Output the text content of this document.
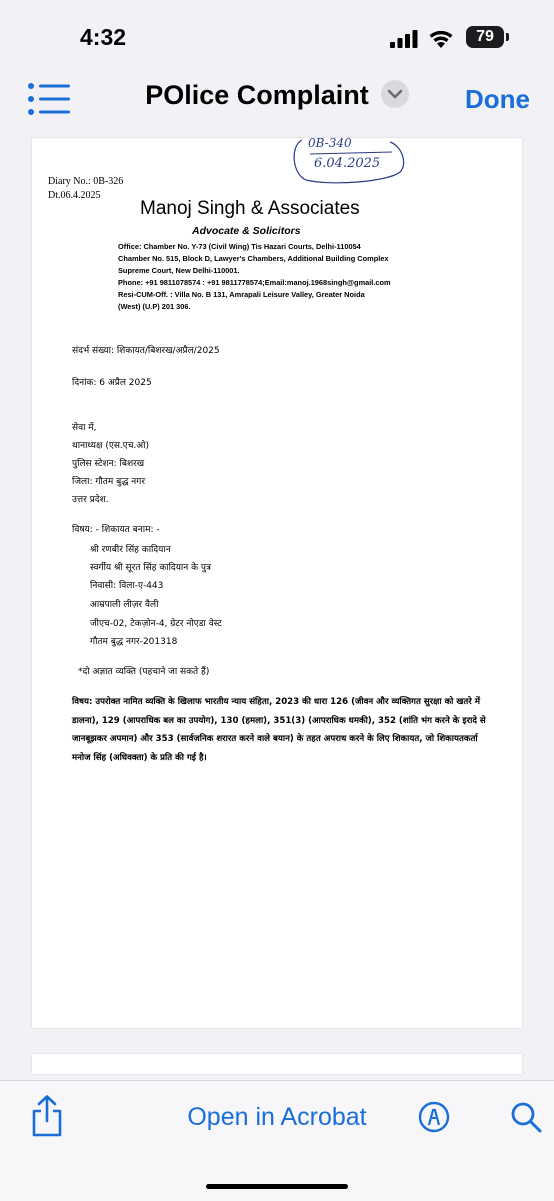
4:32	79
POlice Complaint	Done
Diary No.: 0B-326
Dt.06.4.2025
0B-340
6.04.2025
Manoj Singh & Associates
Advocate & Solicitors
Office: Chamber No. Y-73 (Civil Wing) Tis Hazari Courts, Delhi-110054
Chamber No. 515, Block D, Lawyer's Chambers, Additional Building Complex
Supreme Court, New Delhi-110001.
Phone: +91 9811078574 : +91 9811778574;Email:manoj.1968singh@gmail.com
Resi-CUM-Off. : Villa No. B 131, Amrapali Leisure Valley, Greater Noida
(West) (U.P) 201 306.
संदर्भ संख्या: शिकायत/बिशरख/अप्रैल/2025
दिनांक: 6 अप्रैल 2025
सेवा में,
थानाध्यक्ष (एस.एच.ओ)
पुलिस स्टेशन: बिशरख
जिला: गौतम बुद्ध नगर
उत्तर प्रदेश.
विषय: - शिकायत बनाम: -
श्री रणबीर सिंह कादियान
स्वर्गीय श्री सूरत सिंह कादियान के पुत्र
निवासी: विला-ए-443
आम्रपाली लीज़र वैली
जीएच-02, टेकज़ोन-4, ग्रेटर नोएडा वेस्ट
गौतम बुद्ध नगर-201318
*दो अज्ञात व्यक्ति (पहचाने जा सकते हैं)
विषय: उपरोक्त नामित व्यक्ति के खिलाफ भारतीय न्याय संहिता, 2023 की धारा 126 (जीवन और व्यक्तिगत सुरक्षा को खतरे में डालना), 129 (आपराधिक बल का उपयोग), 130 (हमला), 351(3) (आपराधिक धमकी), 352 (शांति भंग करने के इरादे से जानबूझकर अपमान) और 353 (सार्वजनिक शरारत करने वाले बयान) के तहत अपराध करने के लिए शिकायत, जो शिकायतकर्ता मनोज सिंह (अधिवक्ता) के प्रति की गई है।
Open in Acrobat
